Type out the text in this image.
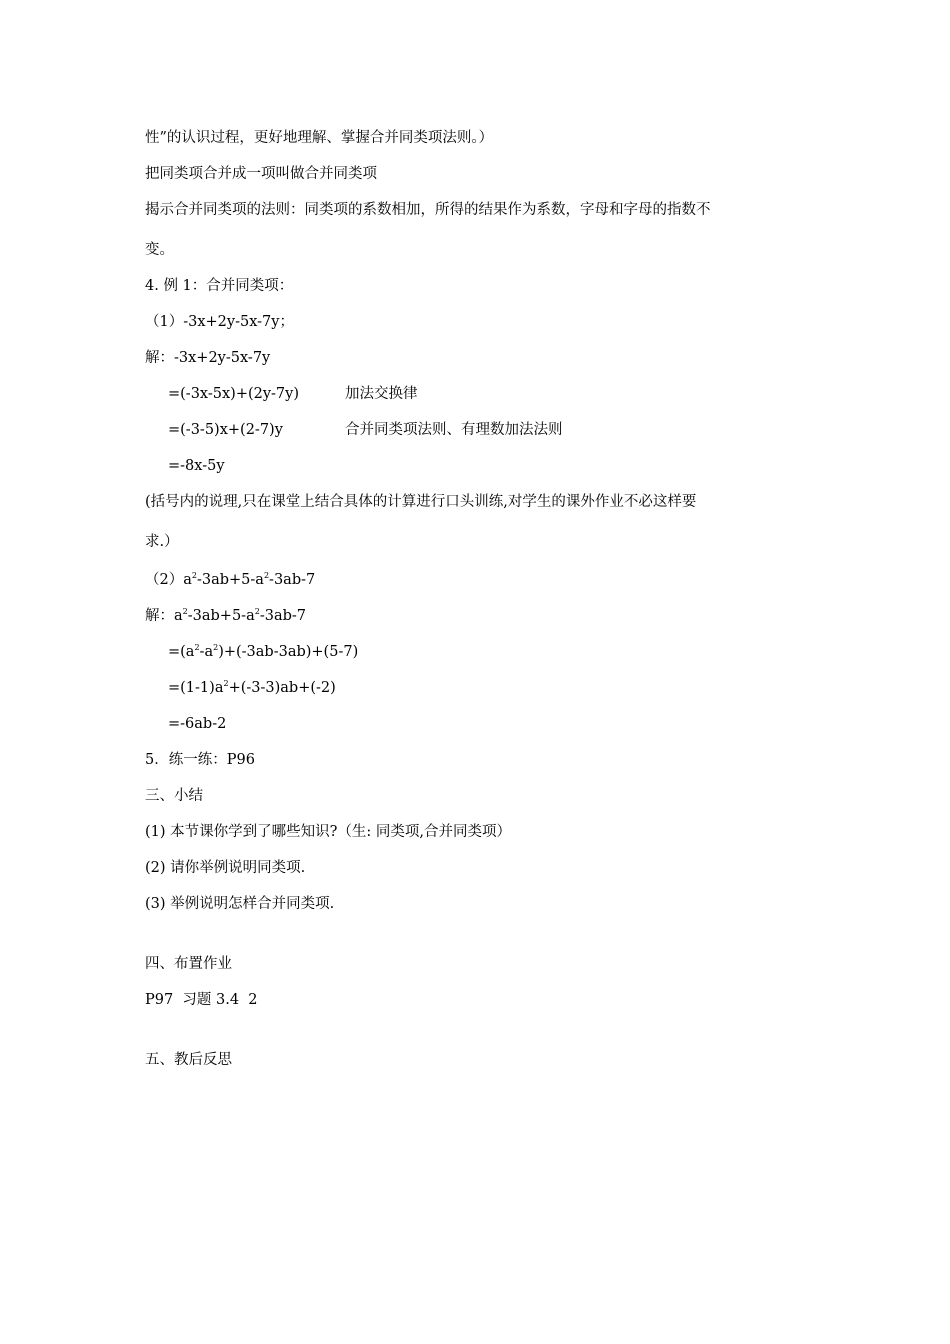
性”的认识过程，更好地理解、掌握合并同类项法则。）
把同类项合并成一项叫做合并同类项
揭示合并同类项的法则：同类项的系数相加，所得的结果作为系数，字母和字母的指数不
变。
4. 例 1：合并同类项：
（1）-3x+2y-5x-7y；
解：-3x+2y-5x-7y
=(-3x-5x)+(2y-7y)	加法交换律
=(-3-5)x+(2-7)y	合并同类项法则、有理数加法法则
=-8x-5y
(括号内的说理,只在课堂上结合具体的计算进行口头训练,对学生的课外作业不必这样要
求.）
$(2)a^2-3ab+5-a^2-3ab-7$
解：$a^2-3ab+5-a^2-3ab-7$
$=(a^2-a^2)+(-3ab-3ab)+(5-7)$
$=(1-1)a^2+(-3-3)ab+(-2)$
=-6ab-2
5．练一练：P96
三、小结
(1) 本节课你学到了哪些知识?（生: 同类项,合并同类项）
(2) 请你举例说明同类项.
(3) 举例说明怎样合并同类项.
四、布置作业
P97  习题 3.4  2
五、教后反思
